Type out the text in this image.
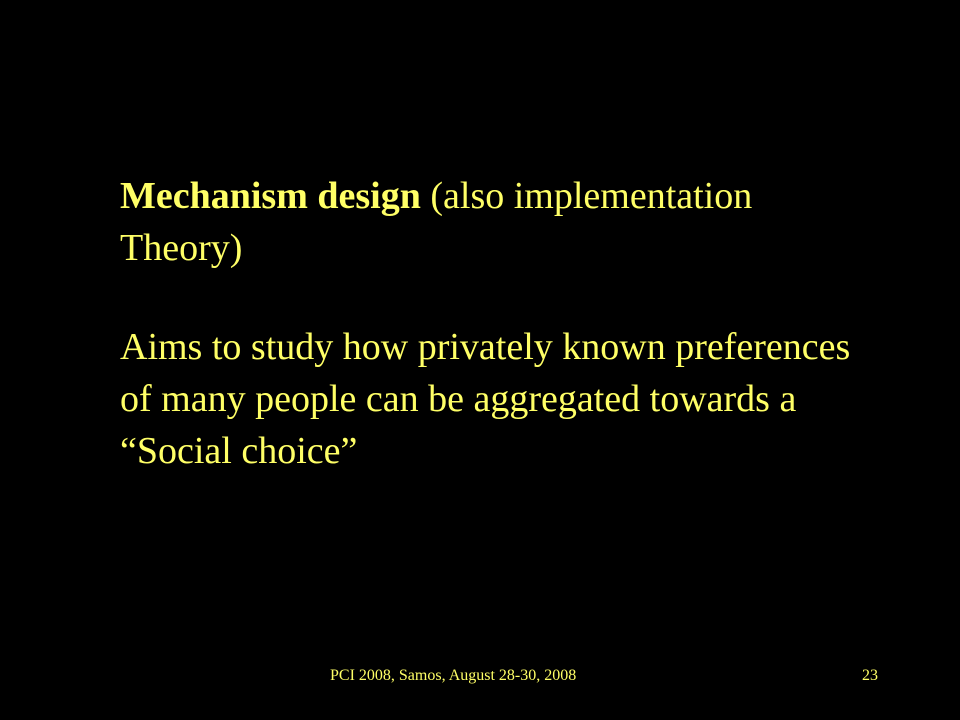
Mechanism design (also implementation Theory)

Aims to study how privately known preferences of many people can be aggregated towards a “Social choice”

PCI 2008, Samos, August 28-30, 2008	23
